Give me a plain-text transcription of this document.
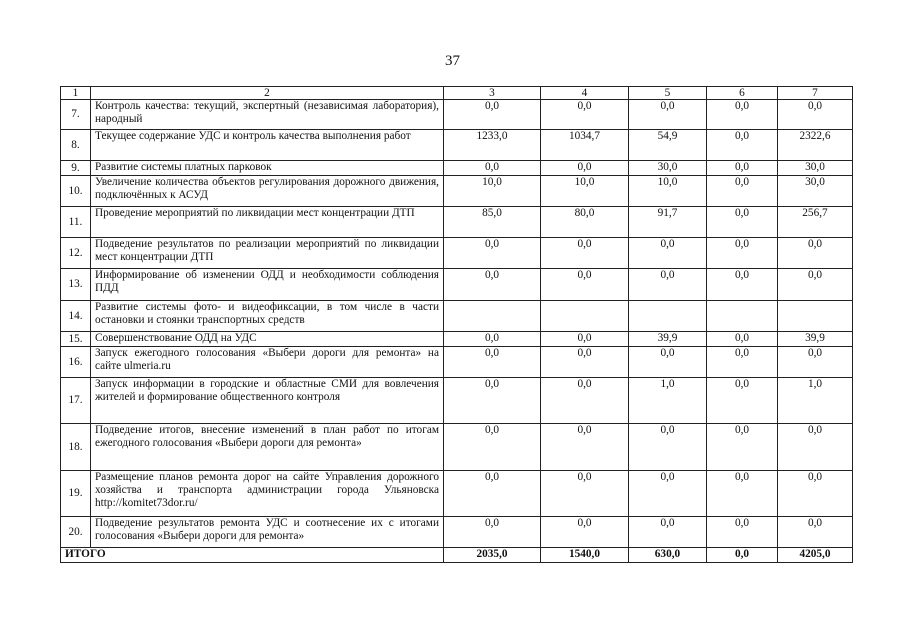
37
1	2	3	4	5	6	7
7.	Контроль качества: текущий, экспертный (независимая лаборатория), народный	0,0	0,0	0,0	0,0	0,0
8.	Текущее содержание УДС и контроль качества выполнения работ	1233,0	1034,7	54,9	0,0	2322,6
9.	Развитие системы платных парковок	0,0	0,0	30,0	0,0	30,0
10.	Увеличение количества объектов регулирования дорожного движения, подключённых к АСУД	10,0	10,0	10,0	0,0	30,0
11.	Проведение мероприятий по ликвидации мест концентрации ДТП	85,0	80,0	91,7	0,0	256,7
12.	Подведение результатов по реализации мероприятий по ликвидации мест концентрации ДТП	0,0	0,0	0,0	0,0	0,0
13.	Информирование об изменении ОДД и необходимости соблюдения ПДД	0,0	0,0	0,0	0,0	0,0
14.	Развитие системы фото- и видеофиксации, в том числе в части остановки и стоянки транспортных средств					
15.	Совершенствование ОДД на УДС	0,0	0,0	39,9	0,0	39,9
16.	Запуск ежегодного голосования «Выбери дороги для ремонта» на сайте ulmeria.ru	0,0	0,0	0,0	0,0	0,0
17.	Запуск информации в городские и областные СМИ для вовлечения жителей и формирование общественного контроля	0,0	0,0	1,0	0,0	1,0
18.	Подведение итогов, внесение изменений в план работ по итогам ежегодного голосования «Выбери дороги для ремонта»	0,0	0,0	0,0	0,0	0,0
19.	Размещение планов ремонта дорог на сайте Управления дорожного хозяйства и транспорта администрации города Ульяновска http://komitet73dor.ru/	0,0	0,0	0,0	0,0	0,0
20.	Подведение результатов ремонта УДС и соотнесение их с итогами голосования «Выбери дороги для ремонта»	0,0	0,0	0,0	0,0	0,0
ИТОГО		2035,0	1540,0	630,0	0,0	4205,0
